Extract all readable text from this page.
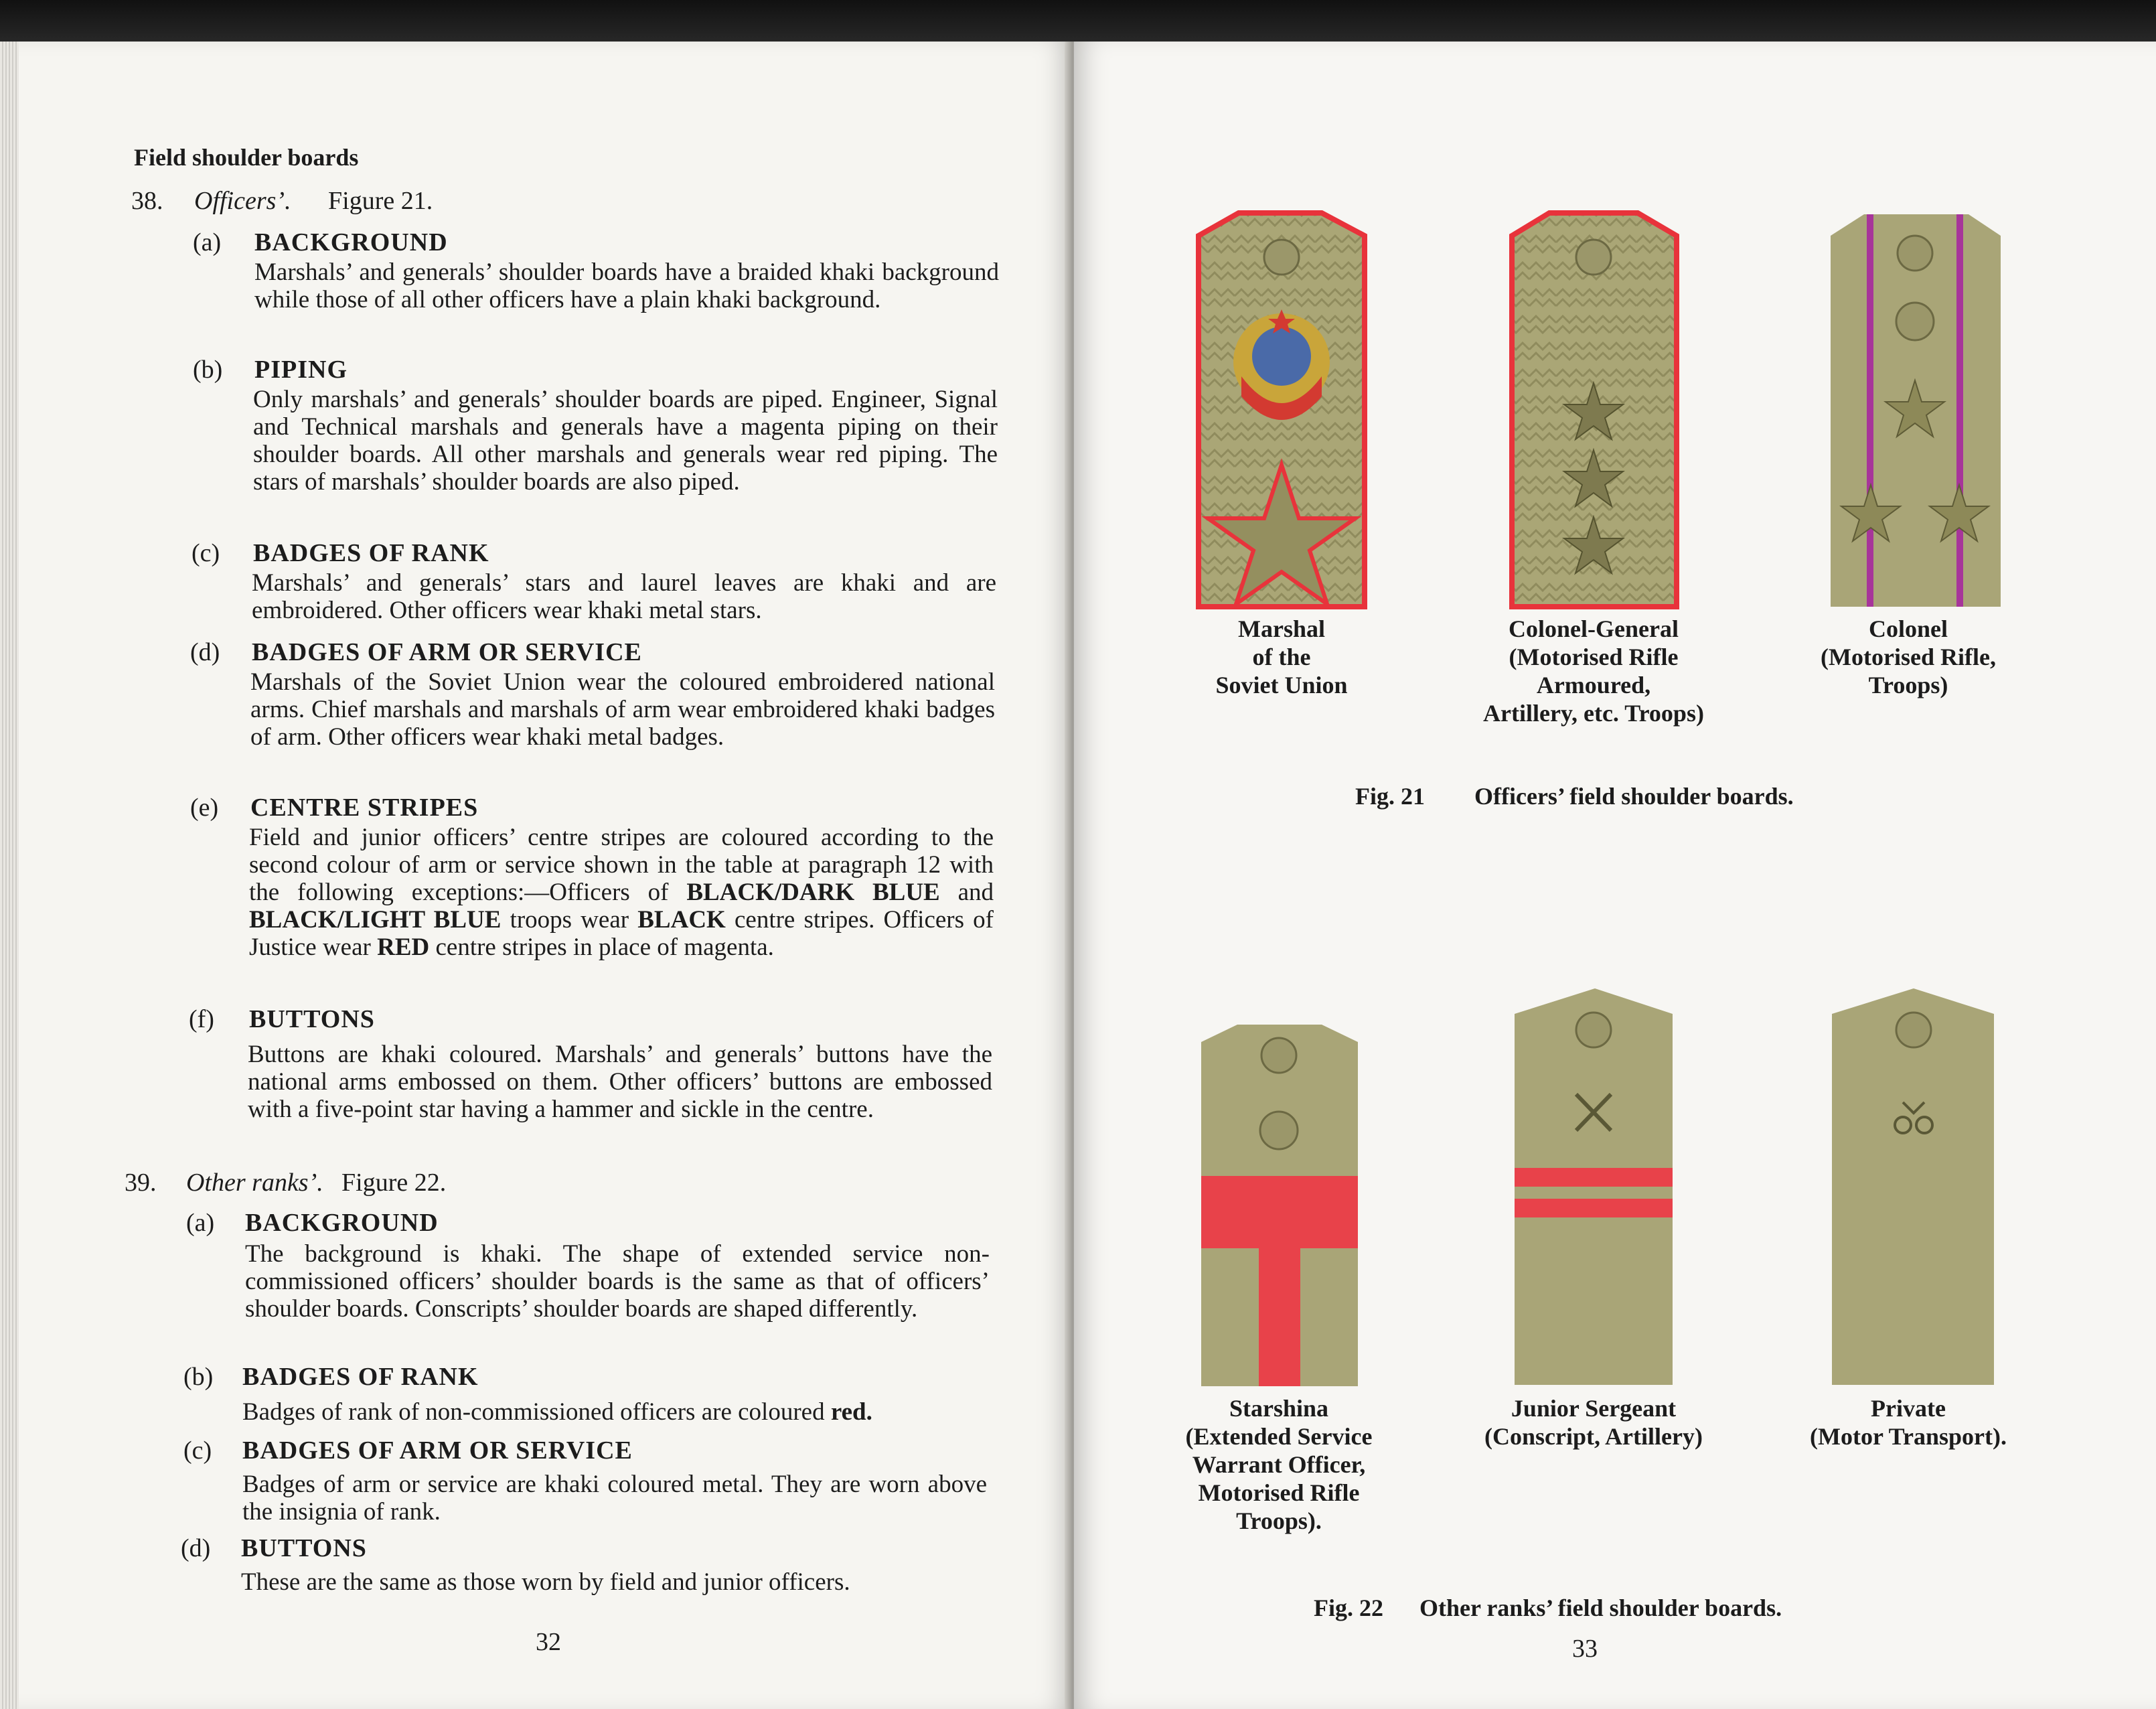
Field shoulder boards
38. Officers’. Figure 21.
(a) BACKGROUND
Marshals’ and generals’ shoulder boards have a braided khaki background while those of all other officers have a plain khaki background.
(b) PIPING
Only marshals’ and generals’ shoulder boards are piped. Engineer, Signal and Technical marshals and generals have a magenta piping on their shoulder boards. All other marshals and generals wear red piping. The stars of marshals’ shoulder boards are also piped.
(c) BADGES OF RANK
Marshals’ and generals’ stars and laurel leaves are khaki and are embroidered. Other officers wear khaki metal stars.
(d) BADGES OF ARM OR SERVICE
Marshals of the Soviet Union wear the coloured embroidered national arms. Chief marshals and marshals of arm wear embroidered khaki badges of arm. Other officers wear khaki metal badges.
(e) CENTRE STRIPES
Field and junior officers’ centre stripes are coloured according to the second colour of arm or service shown in the table at paragraph 12 with the following exceptions:—Officers of BLACK/DARK BLUE and BLACK/LIGHT BLUE troops wear BLACK centre stripes. Officers of Justice wear RED centre stripes in place of magenta.
(f) BUTTONS
Buttons are khaki coloured. Marshals’ and generals’ buttons have the national arms embossed on them. Other officers’ buttons are embossed with a five-point star having a hammer and sickle in the centre.
39. Other ranks’. Figure 22.
(a) BACKGROUND
The background is khaki. The shape of extended service non-commissioned officers’ shoulder boards is the same as that of officers’ shoulder boards. Conscripts’ shoulder boards are shaped differently.
(b) BADGES OF RANK
Badges of rank of non-commissioned officers are coloured red.
(c) BADGES OF ARM OR SERVICE
Badges of arm or service are khaki coloured metal. They are worn above the insignia of rank.
(d) BUTTONS
These are the same as those worn by field and junior officers.
32
Marshal
of the
Soviet Union
Colonel-General
(Motorised Rifle
Armoured,
Artillery, etc. Troops)
Colonel
(Motorised Rifle,
Troops)
Fig. 21 Officers’ field shoulder boards.
Starshina
(Extended Service
Warrant Officer,
Motorised Rifle
Troops).
Junior Sergeant
(Conscript, Artillery)
Private
(Motor Transport).
Fig. 22 Other ranks’ field shoulder boards.
33
